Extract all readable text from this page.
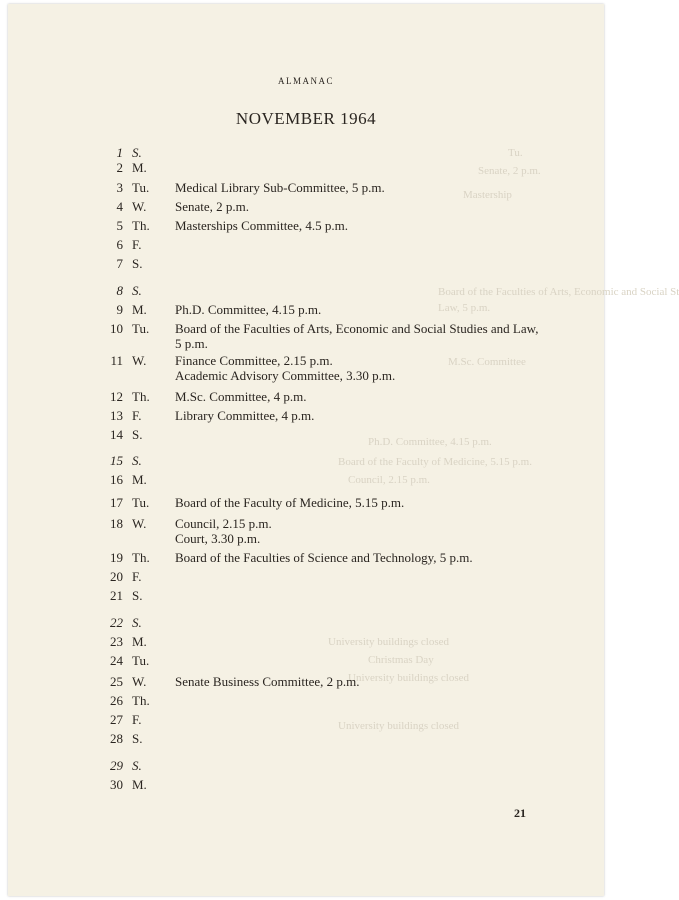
Tu.
Senate, 2 p.m.
Mastership
Board of the Faculties of Arts, Economic and Social St
Law, 5 p.m.
M.Sc. Committee
Ph.D. Committee, 4.15 p.m.
Board of the Faculty of Medicine, 5.15 p.m.
Council, 2.15 p.m.
University buildings closed
Christmas Day
University buildings closed
University buildings closed
ALMANAC
NOVEMBER 1964
1 S.
2 M.
3 Tu. Medical Library Sub-Committee, 5 p.m.
4 W. Senate, 2 p.m.
5 Th. Masterships Committee, 4.5 p.m.
6 F.
7 S.
8 S.
9 M. Ph.D. Committee, 4.15 p.m.
10 Tu. Board of the Faculties of Arts, Economic and Social Studies and Law, 5 p.m.
11 W. Finance Committee, 2.15 p.m.
Academic Advisory Committee, 3.30 p.m.
12 Th. M.Sc. Committee, 4 p.m.
13 F.	Library Committee, 4 p.m.
14 S.
15 S.
16 M.
17 Tu. Board of the Faculty of Medicine, 5.15 p.m.
18 W. Council, 2.15 p.m.
Court, 3.30 p.m.
19 Th. Board of the Faculties of Science and Technology, 5 p.m.
20 F.
21 S.
22 S.
23 M.
24 Tu.
25 W. Senate Business Committee, 2 p.m.
26 Th.
27 F.
28 S.
29 S.
30 M.
21
